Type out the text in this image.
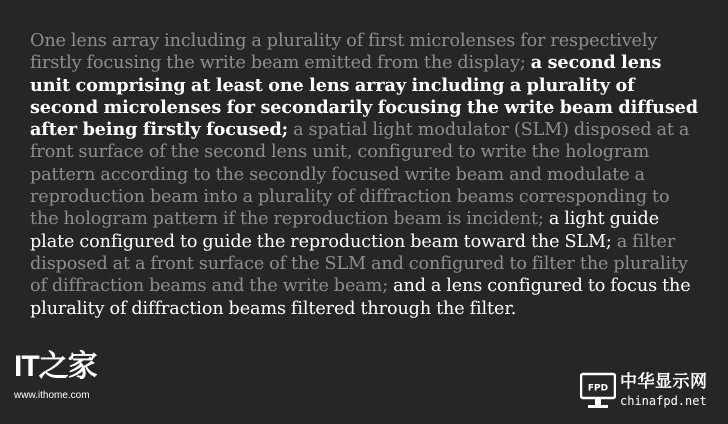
One lens array including a plurality of first microlenses for respectively firstly focusing the write beam emitted from the display; a second lens unit comprising at least one lens array including a plurality of second microlenses for secondarily focusing the write beam diffused after being firstly focused; a spatial light modulator (SLM) disposed at a front surface of the second lens unit, configured to write the hologram pattern according to the secondly focused write beam and modulate a reproduction beam into a plurality of diffraction beams corresponding to the hologram pattern if the reproduction beam is incident; a light guide plate configured to guide the reproduction beam toward the SLM; a filter disposed at a front surface of the SLM and configured to filter the plurality of diffraction beams and the write beam; and a lens configured to focus the plurality of diffraction beams filtered through the filter.

IT之家
www.ithome.com
FPD 中华显示网
chinafpd.net
